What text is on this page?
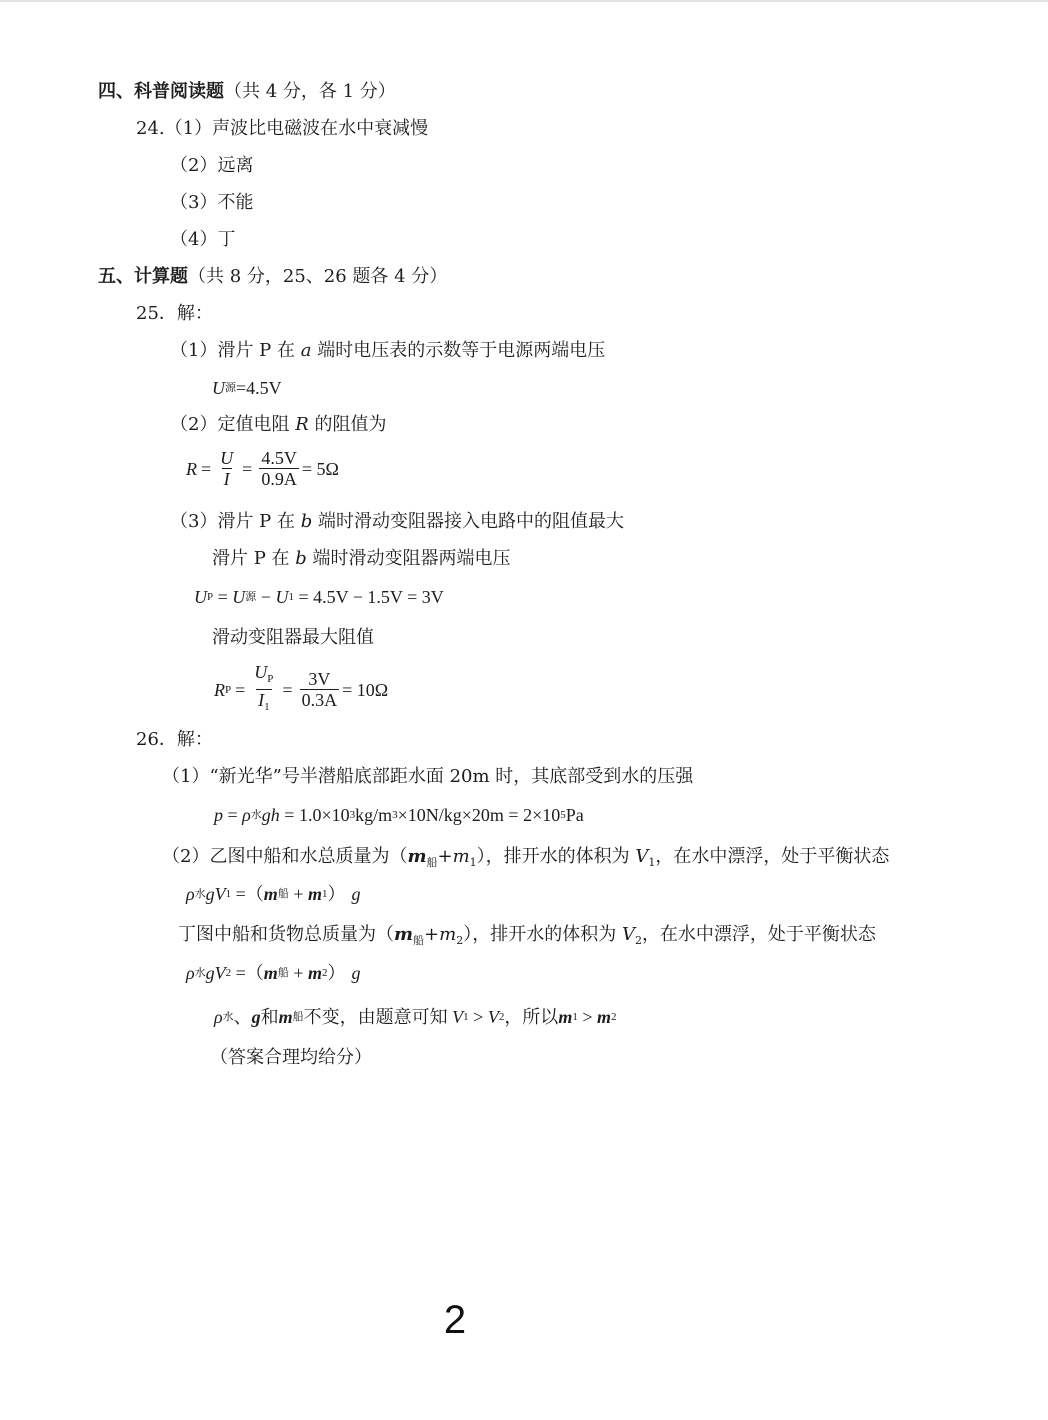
四、科普阅读题（共 4 分，各 1 分）
24.（1）声波比电磁波在水中衰减慢
（2）远离
（3）不能
（4）丁
五、计算题（共 8 分，25、26 题各 4 分）
25．解：
（1）滑片 P 在 a 端时电压表的示数等于电源两端电压
U 源 =4.5V
（2）定值电阻 R 的阻值为
$R = \frac{U}{I} = \frac{4.5V}{0.9A} = 5\Omega$
（3）滑片 P 在 b 端时滑动变阻器接入电路中的阻值最大
滑片 P 在 b 端时滑动变阻器两端电压
U P = U 源 − U 1 = 4.5V − 1.5V = 3V
滑动变阻器最大阻值
R $P = \frac{U_P}{I_1} = \frac{3V}{0.3A} = 10\Omega$
26．解：
（1）“新光华”号半潜船底部距水面 20m 时，其底部受到水的压强
p = ρ 水 gh = 1.0×10 3 kg/m 3 ×10N/kg×20m = 2×10 5 Pa
（2）乙图中船和水总质量为$(m_船+m_1)$，排开水的体积为 $V_1$，在水中漂浮，处于平衡状态
ρ 水 gV 1 =（ m 船 + m 1 ） g
丁图中船和货物总质量为$(m_船+m_2)$，排开水的体积为 $V_2$，在水中漂浮，处于平衡状态
ρ 水 gV 2 =（ m 船 + m 2 ） g
ρ 水 、 g 和 m 船 不变，由题意可知 V 1 > V 2 ，所以 m 1 > m 2
（答案合理均给分）
2
